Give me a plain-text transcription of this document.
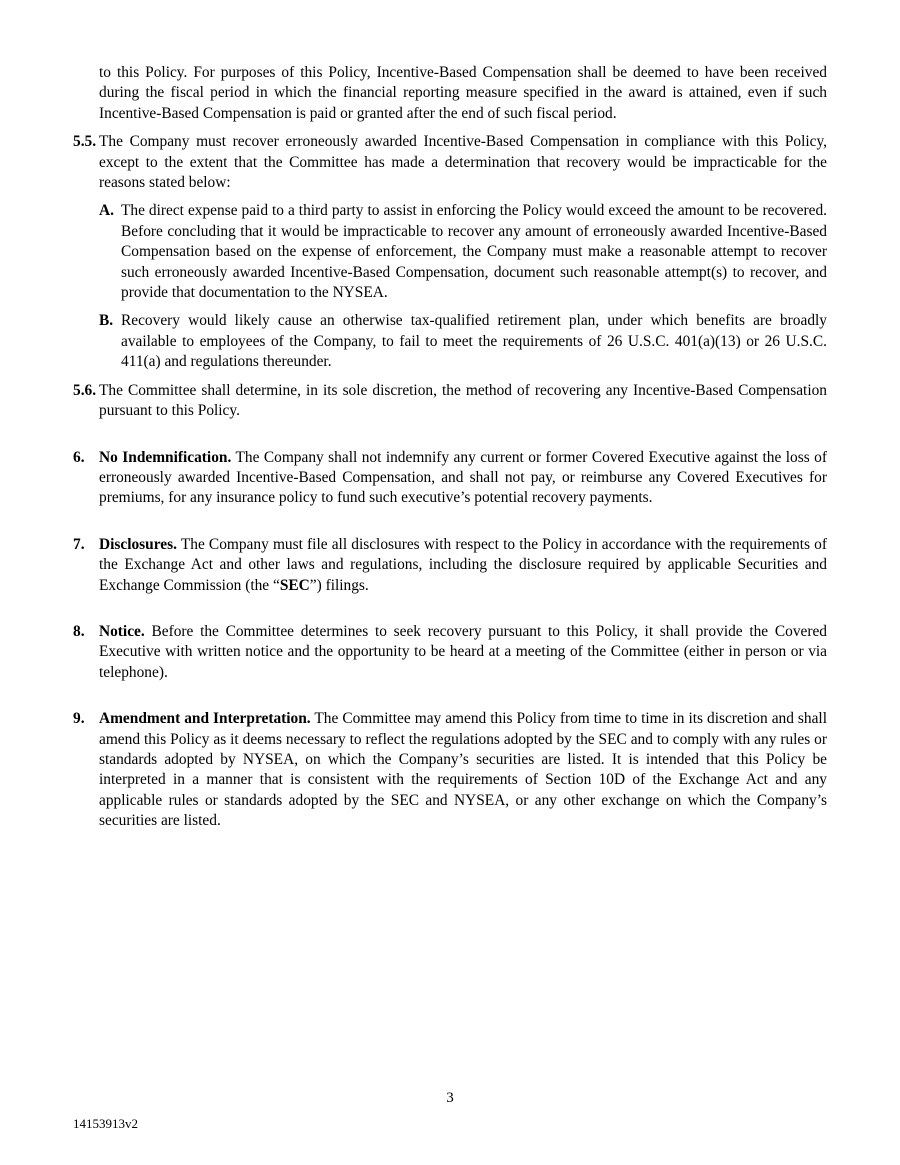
to this Policy. For purposes of this Policy, Incentive-Based Compensation shall be deemed to have been received during the fiscal period in which the financial reporting measure specified in the award is attained, even if such Incentive-Based Compensation is paid or granted after the end of such fiscal period.

5.5. The Company must recover erroneously awarded Incentive-Based Compensation in compliance with this Policy, except to the extent that the Committee has made a determination that recovery would be impracticable for the reasons stated below:

A. The direct expense paid to a third party to assist in enforcing the Policy would exceed the amount to be recovered. Before concluding that it would be impracticable to recover any amount of erroneously awarded Incentive-Based Compensation based on the expense of enforcement, the Company must make a reasonable attempt to recover such erroneously awarded Incentive-Based Compensation, document such reasonable attempt(s) to recover, and provide that documentation to the NYSEA.

B. Recovery would likely cause an otherwise tax-qualified retirement plan, under which benefits are broadly available to employees of the Company, to fail to meet the requirements of 26 U.S.C. 401(a)(13) or 26 U.S.C. 411(a) and regulations thereunder.

5.6. The Committee shall determine, in its sole discretion, the method of recovering any Incentive-Based Compensation pursuant to this Policy.

6. No Indemnification. The Company shall not indemnify any current or former Covered Executive against the loss of erroneously awarded Incentive-Based Compensation, and shall not pay, or reimburse any Covered Executives for premiums, for any insurance policy to fund such executive’s potential recovery payments.

7. Disclosures. The Company must file all disclosures with respect to the Policy in accordance with the requirements of the Exchange Act and other laws and regulations, including the disclosure required by applicable Securities and Exchange Commission (the “SEC”) filings.

8. Notice. Before the Committee determines to seek recovery pursuant to this Policy, it shall provide the Covered Executive with written notice and the opportunity to be heard at a meeting of the Committee (either in person or via telephone).

9. Amendment and Interpretation. The Committee may amend this Policy from time to time in its discretion and shall amend this Policy as it deems necessary to reflect the regulations adopted by the SEC and to comply with any rules or standards adopted by NYSEA, on which the Company’s securities are listed. It is intended that this Policy be interpreted in a manner that is consistent with the requirements of Section 10D of the Exchange Act and any applicable rules or standards adopted by the SEC and NYSEA, or any other exchange on which the Company’s securities are listed.

3
14153913v2
